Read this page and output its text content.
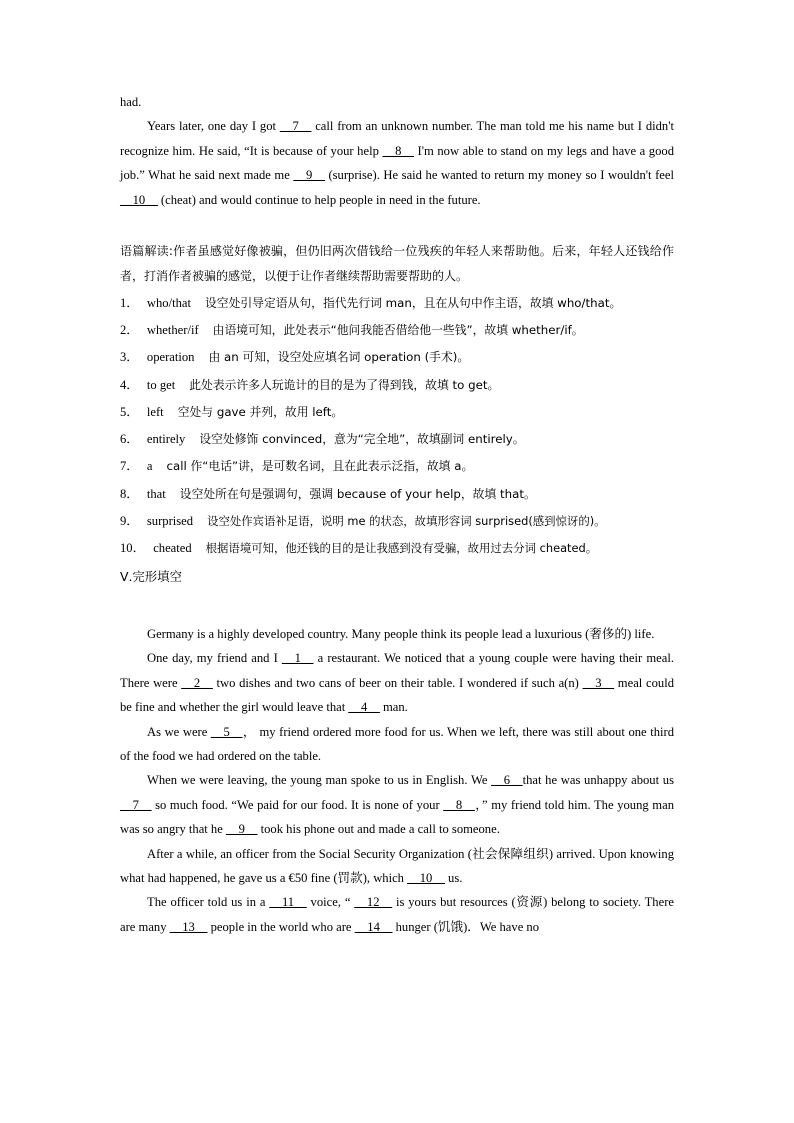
had.

Years later, one day I got __7__ call from an unknown number. The man told me his name but I didn't recognize him. He said, “It is because of your help __8__ I'm now able to stand on my legs and have a good job.” What he said next made me __9__ (surprise). He said he wanted to return my money so I wouldn't feel __10__ (cheat) and would continue to help people in need in the future.

语篇解读:作者虽感觉好像被骗，但仍旧两次借钱给一位残疾的年轻人来帮助他。后来，年轻人还钱给作者，打消作者被骗的感觉，以便于让作者继续帮助需要帮助的人。

1． who/that 设空处引导定语从句，指代先行词 man，且在从句中作主语，故填 who/that。

2． whether/if 由语境可知，此处表示“他问我能否借给他一些钱”，故填 whether/if。

3． operation 由 an 可知，设空处应填名词 operation (手术)。

4． to get 此处表示许多人玩诡计的目的是为了得到钱，故填 to get。

5． left 空处与 gave 并列，故用 left。

6． entirely 设空处修饰 convinced，意为“完全地”，故填副词 entirely。

7． a call 作“电话”讲，是可数名词，且在此表示泛指，故填 a。

8． that 设空处所在句是强调句，强调 because of your help，故填 that。

9． surprised 设空处作宾语补足语，说明 me 的状态，故填形容词 surprised(感到惊讶的)。

10． cheated 根据语境可知，他还钱的目的是让我感到没有受骗，故用过去分词 cheated。

Ⅴ.完形填空

Germany is a highly developed country. Many people think its people lead a luxurious (奢侈的) life.

One day, my friend and I __1__ a restaurant. We noticed that a young couple were having their meal. There were __2__ two dishes and two cans of beer on their table. I wondered if such a(n) __3__ meal could be fine and whether the girl would leave that __4__ man.

As we were __5__， my friend ordered more food for us. When we left, there was still about one third of the food we had ordered on the table.

When we were leaving, the young man spoke to us in English. We __6__that he was unhappy about us __7__ so much food. “We paid for our food. It is none of your __8__，” my friend told him. The young man was so angry that he __9__ took his phone out and made a call to someone.

After a while, an officer from the Social Security Organization (社会保障组织) arrived. Upon knowing what had happened, he gave us a €50 fine (罚款), which __10__ us.

The officer told us in a __11__ voice, “ __12__ is yours but resources (资源) belong to society. There are many __13__ people in the world who are __14__ hunger (饥饿)．We have no
